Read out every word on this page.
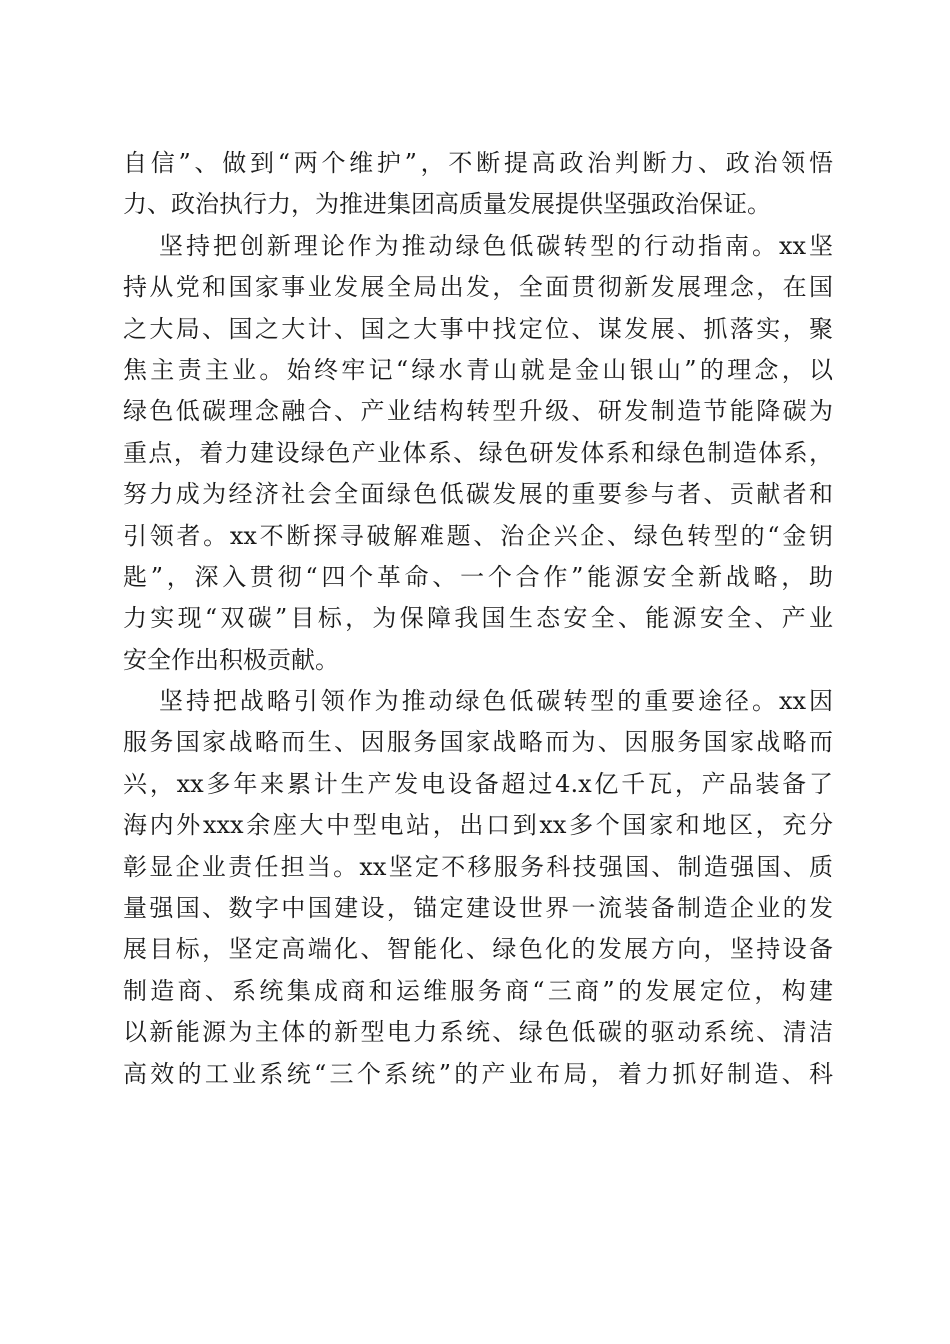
自信”、做到“两个维护”，不断提高政治判断力、政治领悟
力、政治执行力，为推进集团高质量发展提供坚强政治保证。
坚持把创新理论作为推动绿色低碳转型的行动指南。xx坚
持从党和国家事业发展全局出发，全面贯彻新发展理念，在国
之大局、国之大计、国之大事中找定位、谋发展、抓落实，聚
焦主责主业。始终牢记“绿水青山就是金山银山”的理念，以
绿色低碳理念融合、产业结构转型升级、研发制造节能降碳为
重点，着力建设绿色产业体系、绿色研发体系和绿色制造体系，
努力成为经济社会全面绿色低碳发展的重要参与者、贡献者和
引领者。xx不断探寻破解难题、治企兴企、绿色转型的“金钥
匙”，深入贯彻“四个革命、一个合作”能源安全新战略，助
力实现“双碳”目标，为保障我国生态安全、能源安全、产业
安全作出积极贡献。
坚持把战略引领作为推动绿色低碳转型的重要途径。xx因
服务国家战略而生、因服务国家战略而为、因服务国家战略而
兴，xx多年来累计生产发电设备超过4.x亿千瓦，产品装备了
海内外xxx余座大中型电站，出口到xx多个国家和地区，充分
彰显企业责任担当。xx坚定不移服务科技强国、制造强国、质
量强国、数字中国建设，锚定建设世界一流装备制造企业的发
展目标，坚定高端化、智能化、绿色化的发展方向，坚持设备
制造商、系统集成商和运维服务商“三商”的发展定位，构建
以新能源为主体的新型电力系统、绿色低碳的驱动系统、清洁
高效的工业系统“三个系统”的产业布局，着力抓好制造、科
